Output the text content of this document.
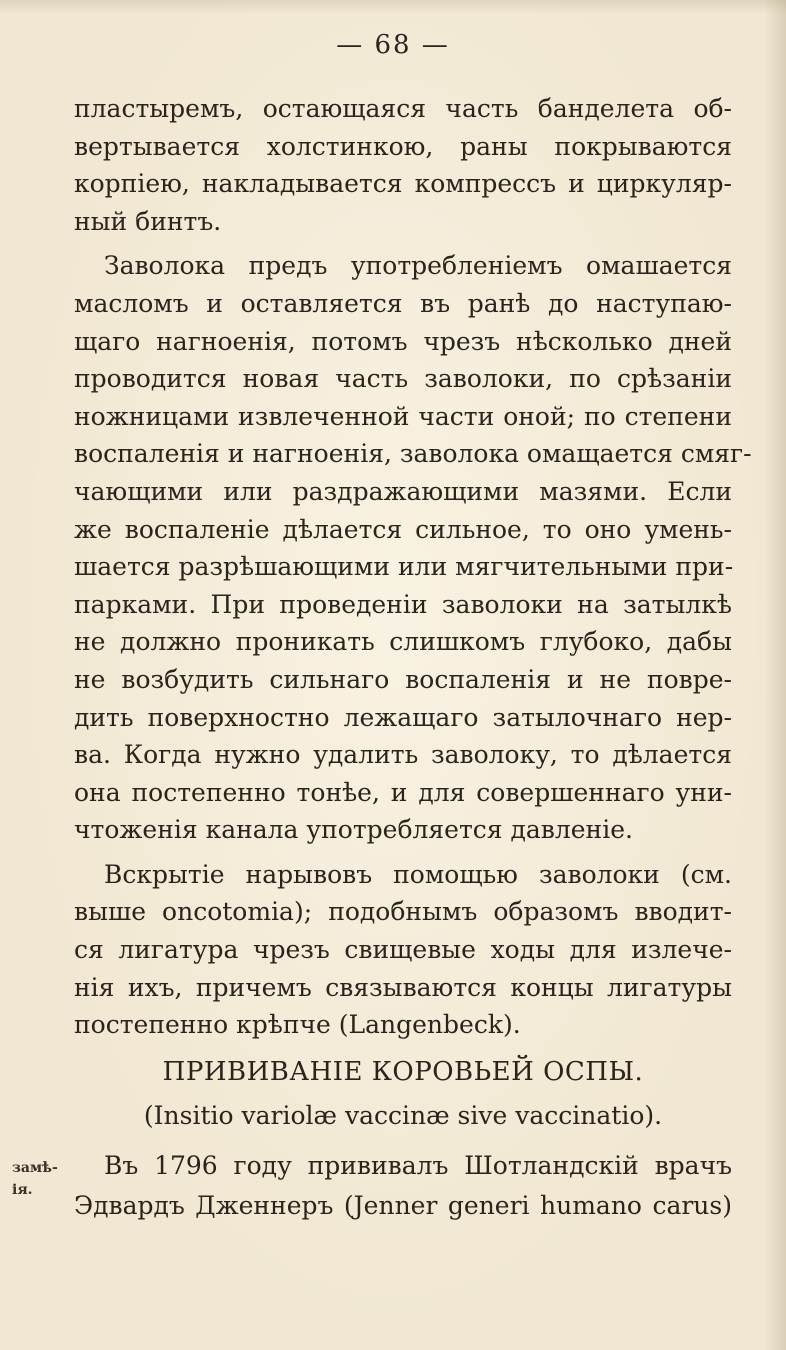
— 68 —
пластыремъ, остающаяся часть банделета об-
вертывается холстинкою, раны покрываются
корпiею, накладывается компрессъ и циркуляр-
ный бинтъ.
Заволока предъ употребленiемъ омашается
масломъ и оставляется въ ранѣ до наступаю-
щаго нагноенiя, потомъ чрезъ нѣсколько дней
проводится новая часть заволоки, по срѣзанiи
ножницами извлеченной части оной; по степени
воспаленiя и нагноенiя, заволока омащается смяг-
чающими или раздражающими мазями. Если
же воспаленiе дѣлается сильное, то оно умень-
шается разрѣшающими или мягчительными при-
парками. При проведенiи заволоки на затылкѣ
не должно проникать слишкомъ глубоко, дабы
не возбудить сильнаго воспаленiя и не повре-
дить поверхностно лежащаго затылочнаго нер-
ва. Когда нужно удалить заволоку, то дѣлается
она постепенно тонѣе, и для совершеннаго уни-
чтоженiя канала употребляется давленiе.
Вскрытiе нарывовъ помощью заволоки (см.
выше oncotomia); подобнымъ образомъ вводит-
ся лигатура чрезъ свищевые ходы для излече-
нiя ихъ, причемъ связываются концы лигатуры
постепенно крѣпче (Langenbeck).
ПРИВИВАНIЕ КОРОВЬЕЙ ОСПЫ.
(Insitio variolæ vaccinæ sive vaccinatio).
Въ 1796 году прививалъ Шотландскiй врачъ
Эдвардъ Дженнеръ (Jenner generi humano carus)
замѣ-
iя.
